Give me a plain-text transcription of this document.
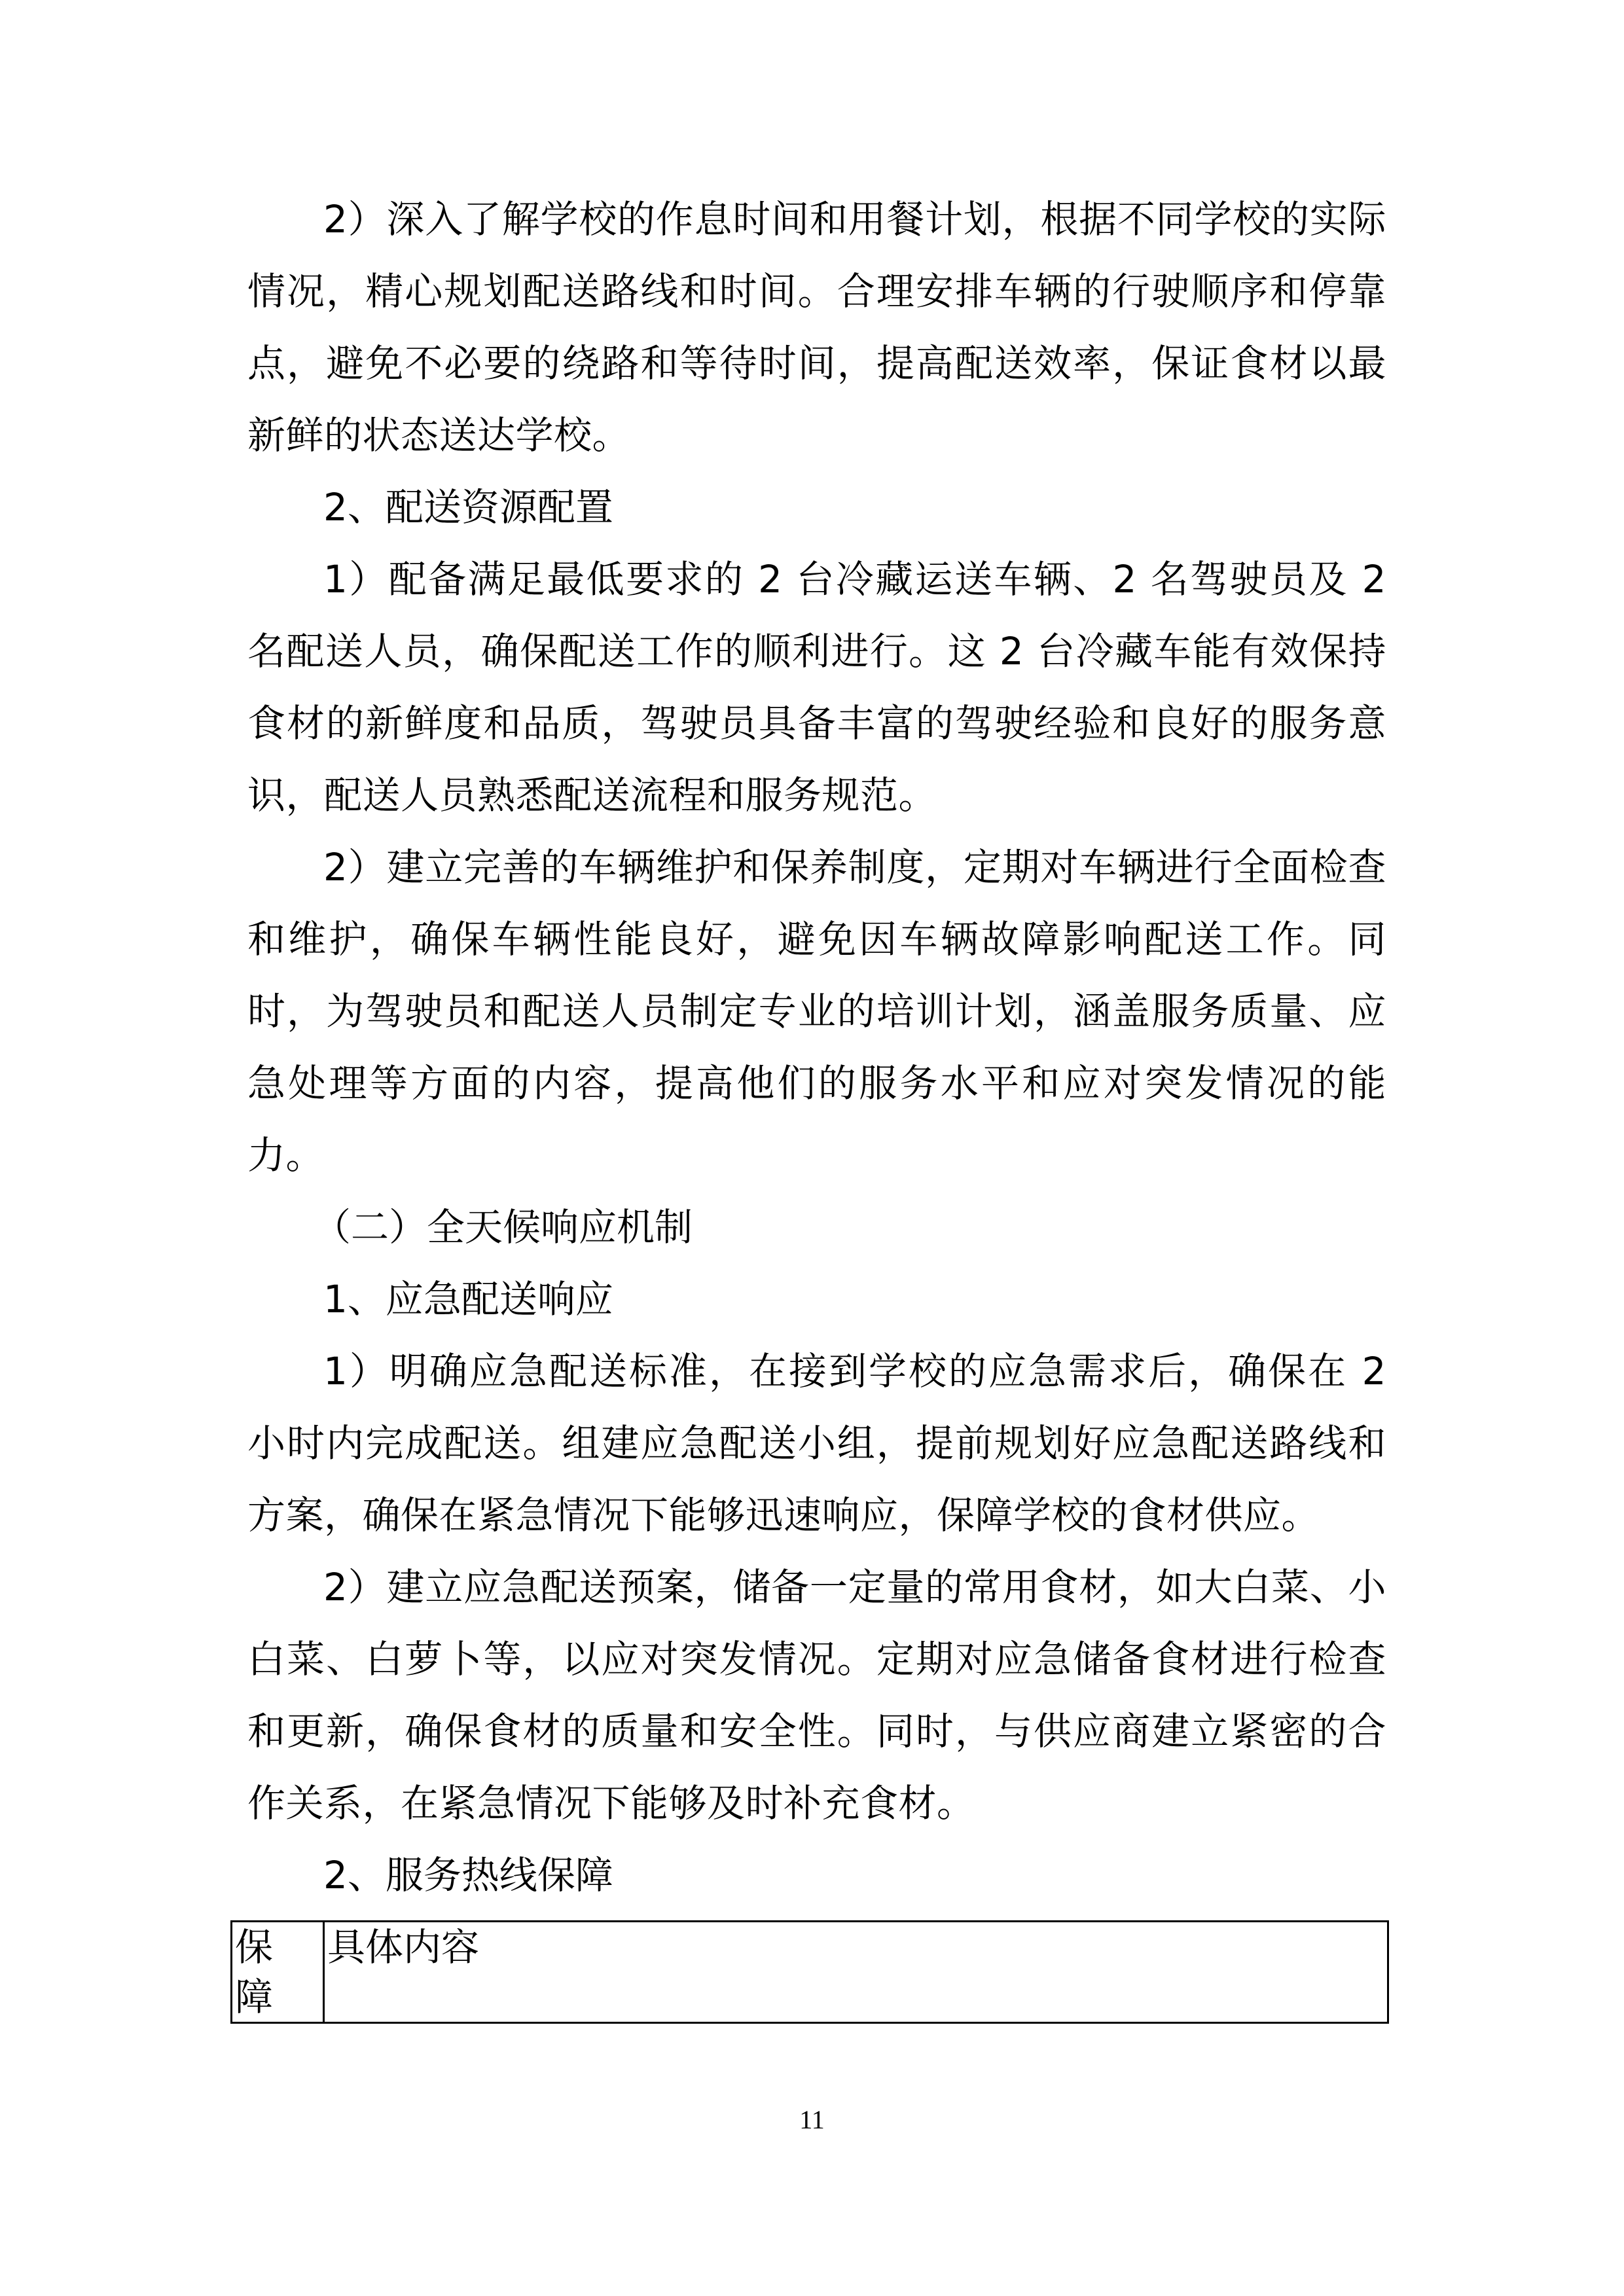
2）深入了解学校的作息时间和用餐计划，根据不同学校的实际情况，精心规划配送路线和时间。合理安排车辆的行驶顺序和停靠点，避免不必要的绕路和等待时间，提高配送效率，保证食材以最新鲜的状态送达学校。

2、配送资源配置

1）配备满足最低要求的 2 台冷藏运送车辆、2 名驾驶员及 2 名配送人员，确保配送工作的顺利进行。这 2 台冷藏车能有效保持食材的新鲜度和品质，驾驶员具备丰富的驾驶经验和良好的服务意识，配送人员熟悉配送流程和服务规范。

2）建立完善的车辆维护和保养制度，定期对车辆进行全面检查和维护，确保车辆性能良好，避免因车辆故障影响配送工作。同时，为驾驶员和配送人员制定专业的培训计划，涵盖服务质量、应急处理等方面的内容，提高他们的服务水平和应对突发情况的能力。

（二）全天候响应机制

1、应急配送响应

1）明确应急配送标准，在接到学校的应急需求后，确保在 2 小时内完成配送。组建应急配送小组，提前规划好应急配送路线和方案，确保在紧急情况下能够迅速响应，保障学校的食材供应。

2）建立应急配送预案，储备一定量的常用食材，如大白菜、小白菜、白萝卜等，以应对突发情况。定期对应急储备食材进行检查和更新，确保食材的质量和安全性。同时，与供应商建立紧密的合作关系，在紧急情况下能够及时补充食材。

2、服务热线保障

保障	具体内容
11
